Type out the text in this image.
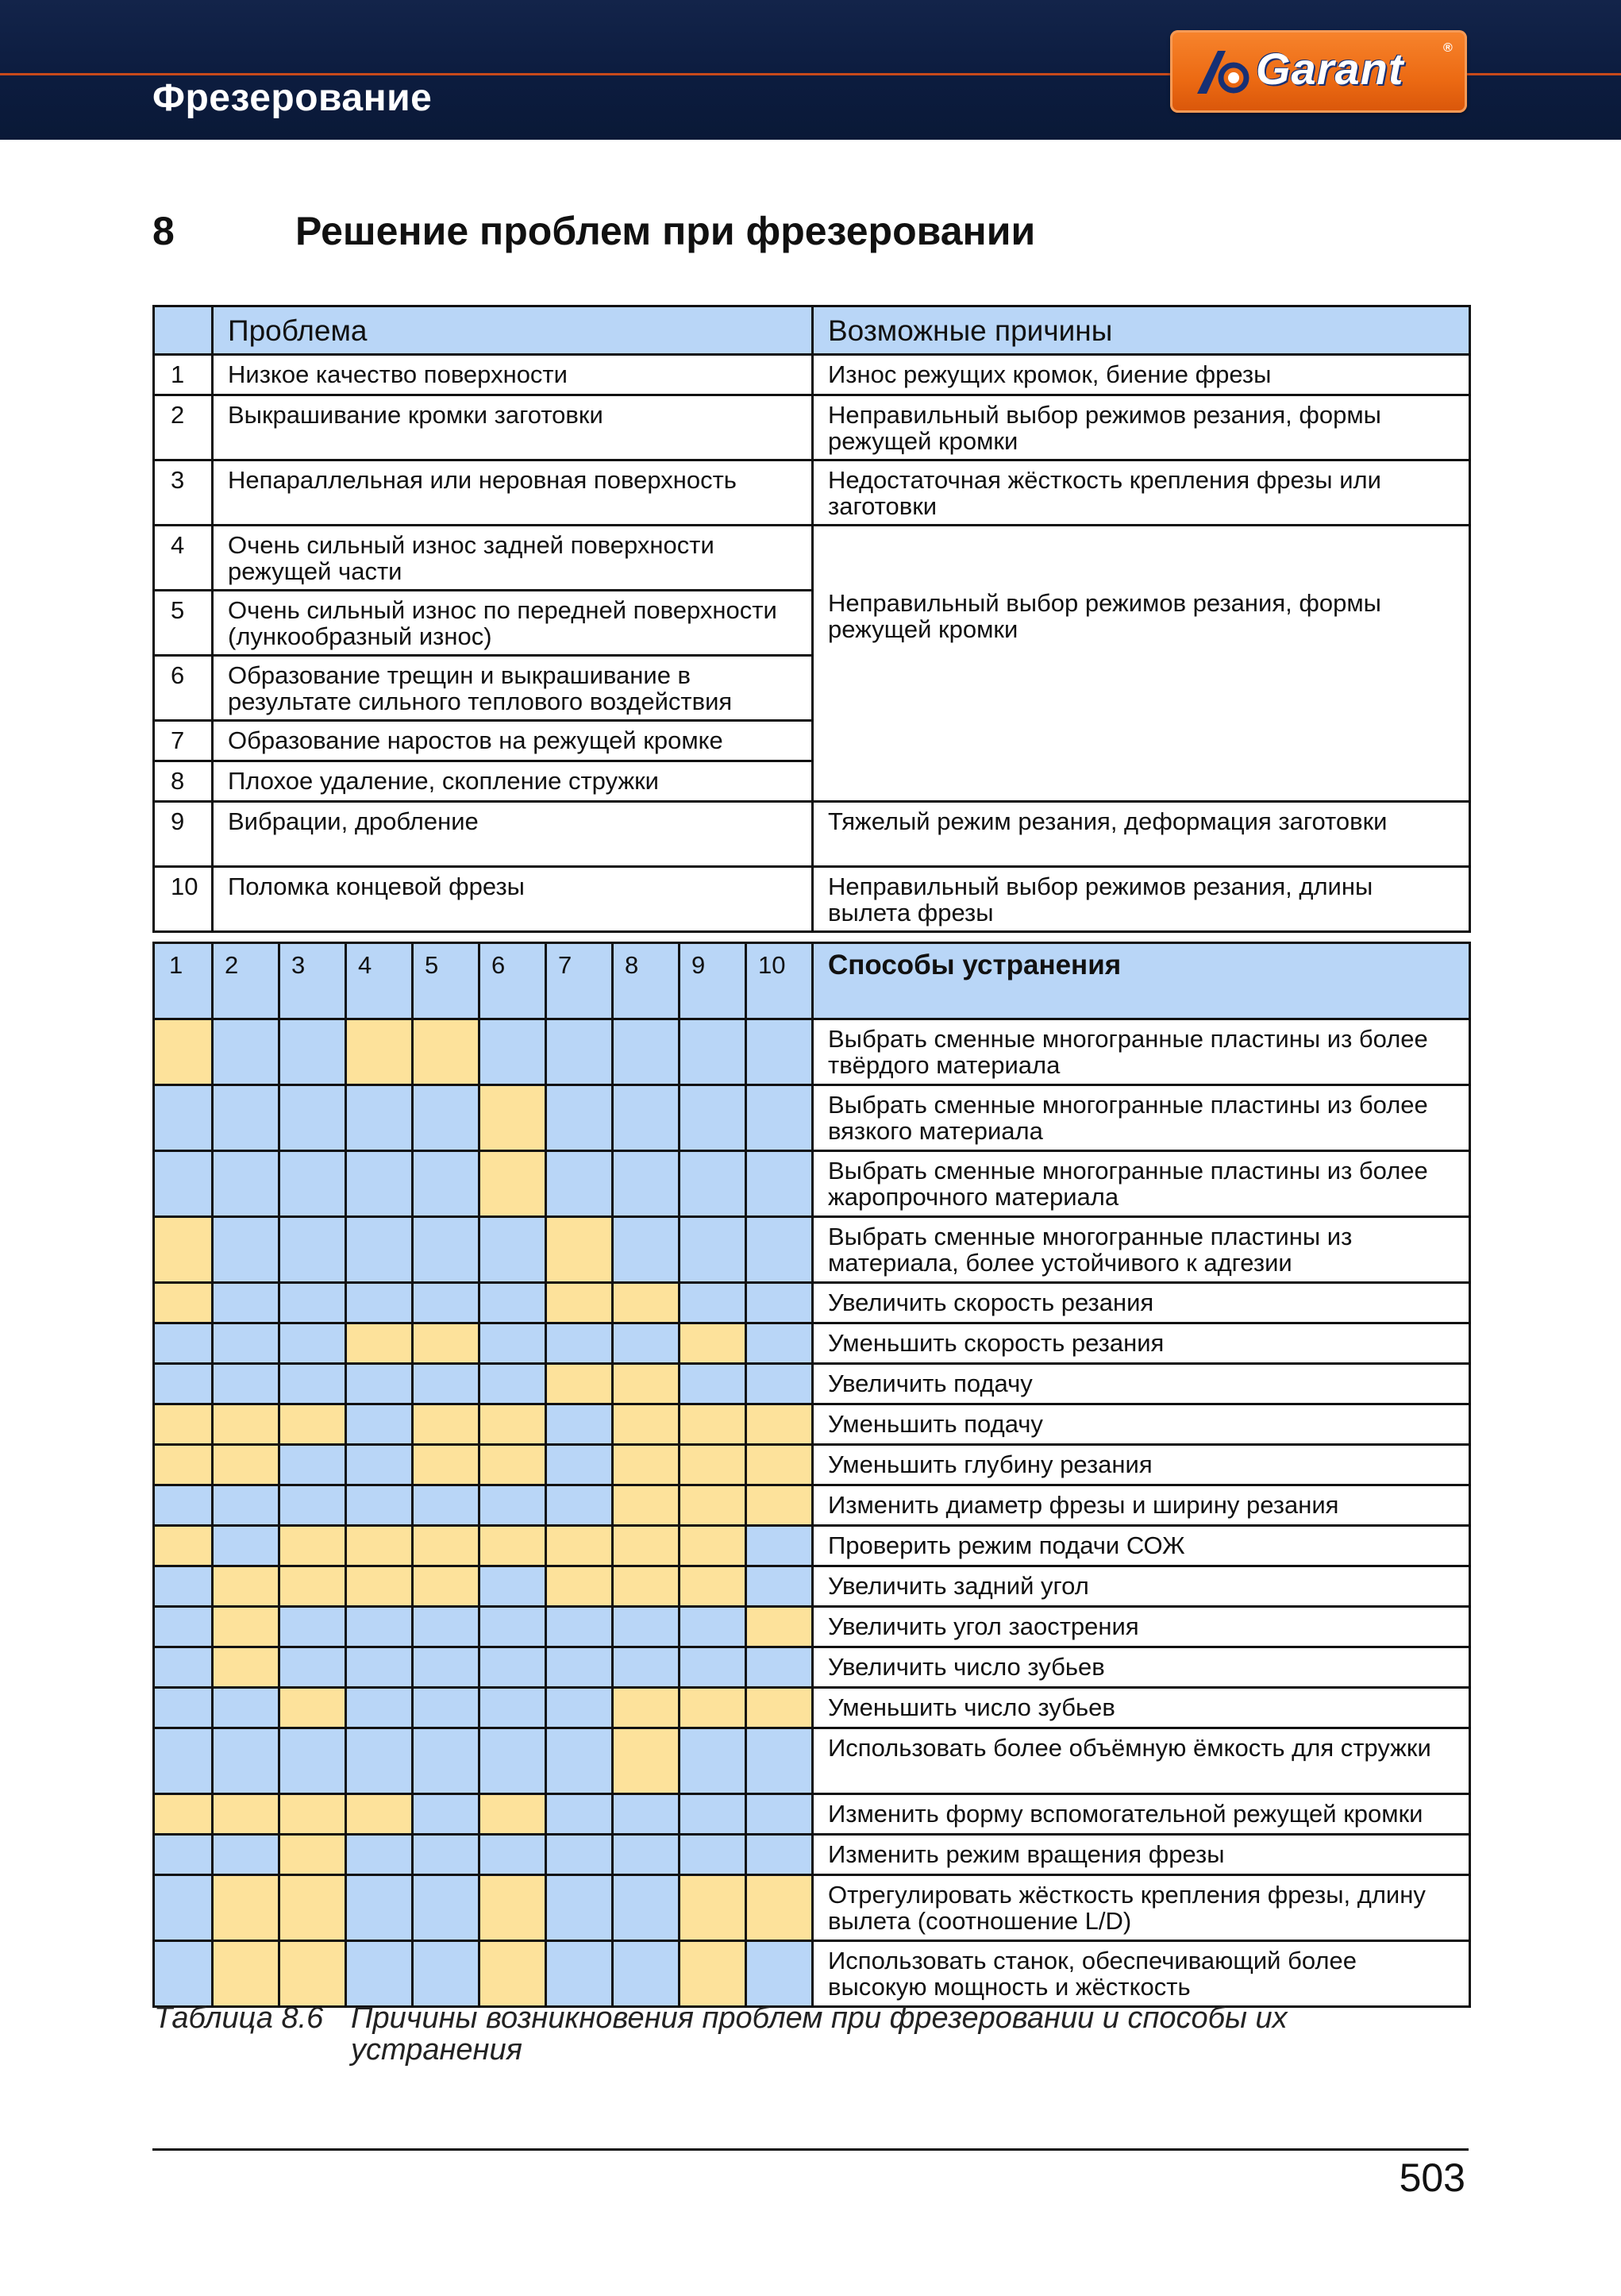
Фрезерование
Garant	®
8	Решение проблем при фрезеровании
	Проблема	Возможные причины
1	Низкое качество поверхности	Износ режущих кромок, биение фрезы
2	Выкрашивание кромки заготовки	Неправильный выбор режимов резания, формы режущей кромки
3	Непараллельная или неровная поверхность	Недостаточная жёсткость крепления фрезы или заготовки
4	Очень сильный износ задней поверхности режущей части	Неправильный выбор режимов резания, формы режущей кромки
5	Очень сильный износ по передней поверхности (лункообразный износ)	
6	Образование трещин и выкрашивание в результате сильного теплового воздействия	
7	Образование наростов на режущей кромке	
8	Плохое удаление, скопление стружки	
9	Вибрации, дробление	Тяжелый режим резания, деформация заготовки
10	Поломка концевой фрезы	Неправильный выбор режимов резания, длины вылета фрезы
1	2	3	4	5	6	7	8	9	10	Способы устранения
										Выбрать сменные многогранные пластины из более твёрдого материала
										Выбрать сменные многогранные пластины из более вязкого материала
										Выбрать сменные многогранные пластины из более жаропрочного материала
										Выбрать сменные многогранные пластины из материала, более устойчивого к адгезии
										Увеличить скорость резания
										Уменьшить скорость резания
										Увеличить подачу
										Уменьшить подачу
										Уменьшить глубину резания
										Изменить диаметр фрезы и ширину резания
										Проверить режим подачи СОЖ
										Увеличить задний угол
										Увеличить угол заострения
										Увеличить число зубьев
										Уменьшить число зубьев
										Использовать более объёмную ёмкость для стружки
										Изменить форму вспомогательной режущей кромки
										Изменить режим вращения фрезы
										Отрегулировать жёсткость крепления фрезы, длину вылета (соотношение L/D)
										Использовать станок, обеспечивающий более высокую мощность и жёсткость
Таблица 8.6 Причины возникновения проблем при фрезеровании и способы их устранения
503
